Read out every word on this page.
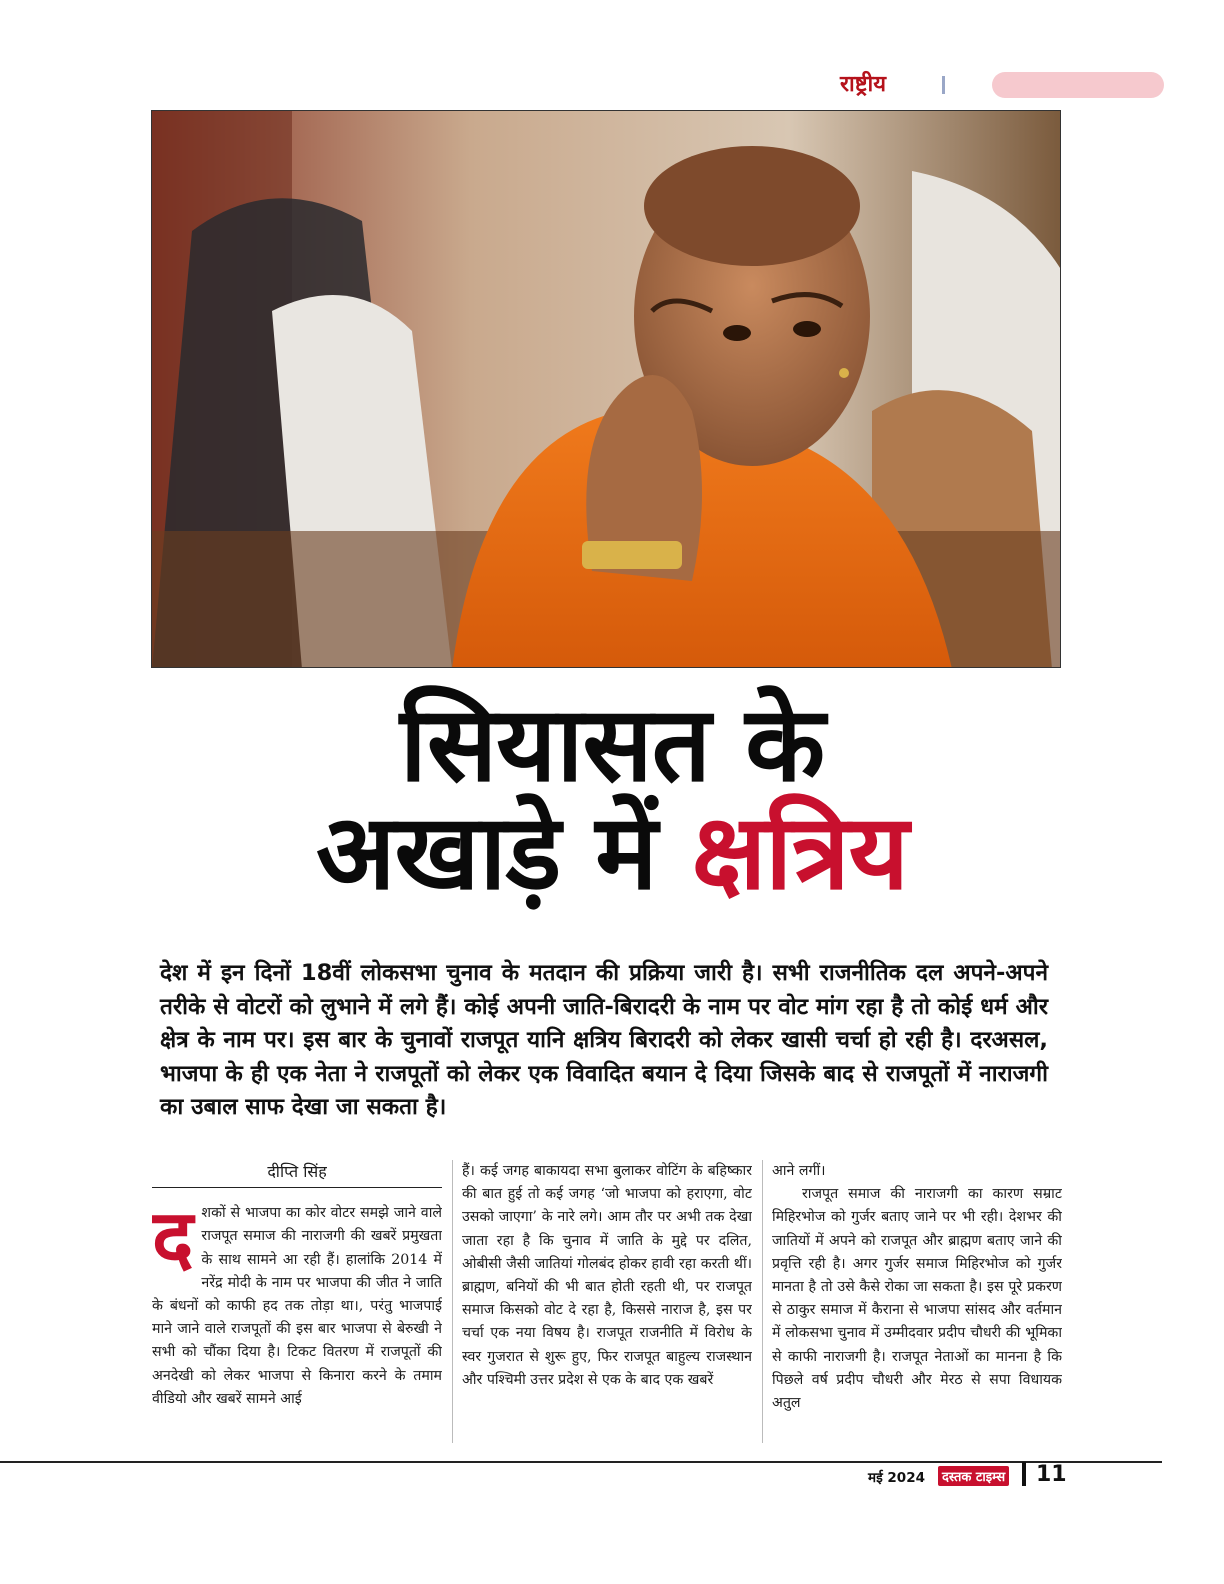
राष्ट्रीय
सियासत के
अखाड़े में क्षत्रिय
देश में इन दिनों 18वीं लोकसभा चुनाव के मतदान की प्रक्रिया जारी है। सभी राजनीतिक दल अपने-अपने तरीके से वोटरों को लुभाने में लगे हैं। कोई अपनी जाति-बिरादरी के नाम पर वोट मांग रहा है तो कोई धर्म और क्षेत्र के नाम पर। इस बार के चुनावों राजपूत यानि क्षत्रिय बिरादरी को लेकर खासी चर्चा हो रही है। दरअसल, भाजपा के ही एक नेता ने राजपूतों को लेकर एक विवादित बयान दे दिया जिसके बाद से राजपूतों में नाराजगी का उबाल साफ देखा जा सकता है।
दीप्ति सिंह
द शकों से भाजपा का कोर वोटर समझे जाने वाले राजपूत समाज की नाराजगी की खबरें प्रमुखता के साथ सामने आ रही हैं। हालांकि 2014 में नरेंद्र मोदी के नाम पर भाजपा की जीत ने जाति के बंधनों को काफी हद तक तोड़ा था।, परंतु भाजपाई माने जाने वाले राजपूतों की इस बार भाजपा से बेरुखी ने सभी को चौंका दिया है। टिकट वितरण में राजपूतों की अनदेखी को लेकर भाजपा से किनारा करने के तमाम वीडियो और खबरें सामने आई
हैं। कई जगह बाकायदा सभा बुलाकर वोटिंग के बहिष्कार की बात हुई तो कई जगह ‘जो भाजपा को हराएगा, वोट उसको जाएगा’ के नारे लगे। आम तौर पर अभी तक देखा जाता रहा है कि चुनाव में जाति के मुद्दे पर दलित, ओबीसी जैसी जातियां गोलबंद होकर हावी रहा करती थीं। ब्राह्मण, बनियों की भी बात होती रहती थी, पर राजपूत समाज किसको वोट दे रहा है, किससे नाराज है, इस पर चर्चा एक नया विषय है। राजपूत राजनीति में विरोध के स्वर गुजरात से शुरू हुए, फिर राजपूत बाहुल्य राजस्थान और पश्चिमी उत्तर प्रदेश से एक के बाद एक खबरें
आने लगीं।
राजपूत समाज की नाराजगी का कारण सम्राट मिहिरभोज को गुर्जर बताए जाने पर भी रही। देशभर की जातियों में अपने को राजपूत और ब्राह्मण बताए जाने की प्रवृत्ति रही है। अगर गुर्जर समाज मिहिरभोज को गुर्जर मानता है तो उसे कैसे रोका जा सकता है। इस पूरे प्रकरण से ठाकुर समाज में कैराना से भाजपा सांसद और वर्तमान में लोकसभा चुनाव में उम्मीदवार प्रदीप चौधरी की भूमिका से काफी नाराजगी है। राजपूत नेताओं का मानना है कि पिछले वर्ष प्रदीप चौधरी और मेरठ से सपा विधायक अतुल
मई 2024	दस्तक टाइम्स 11
